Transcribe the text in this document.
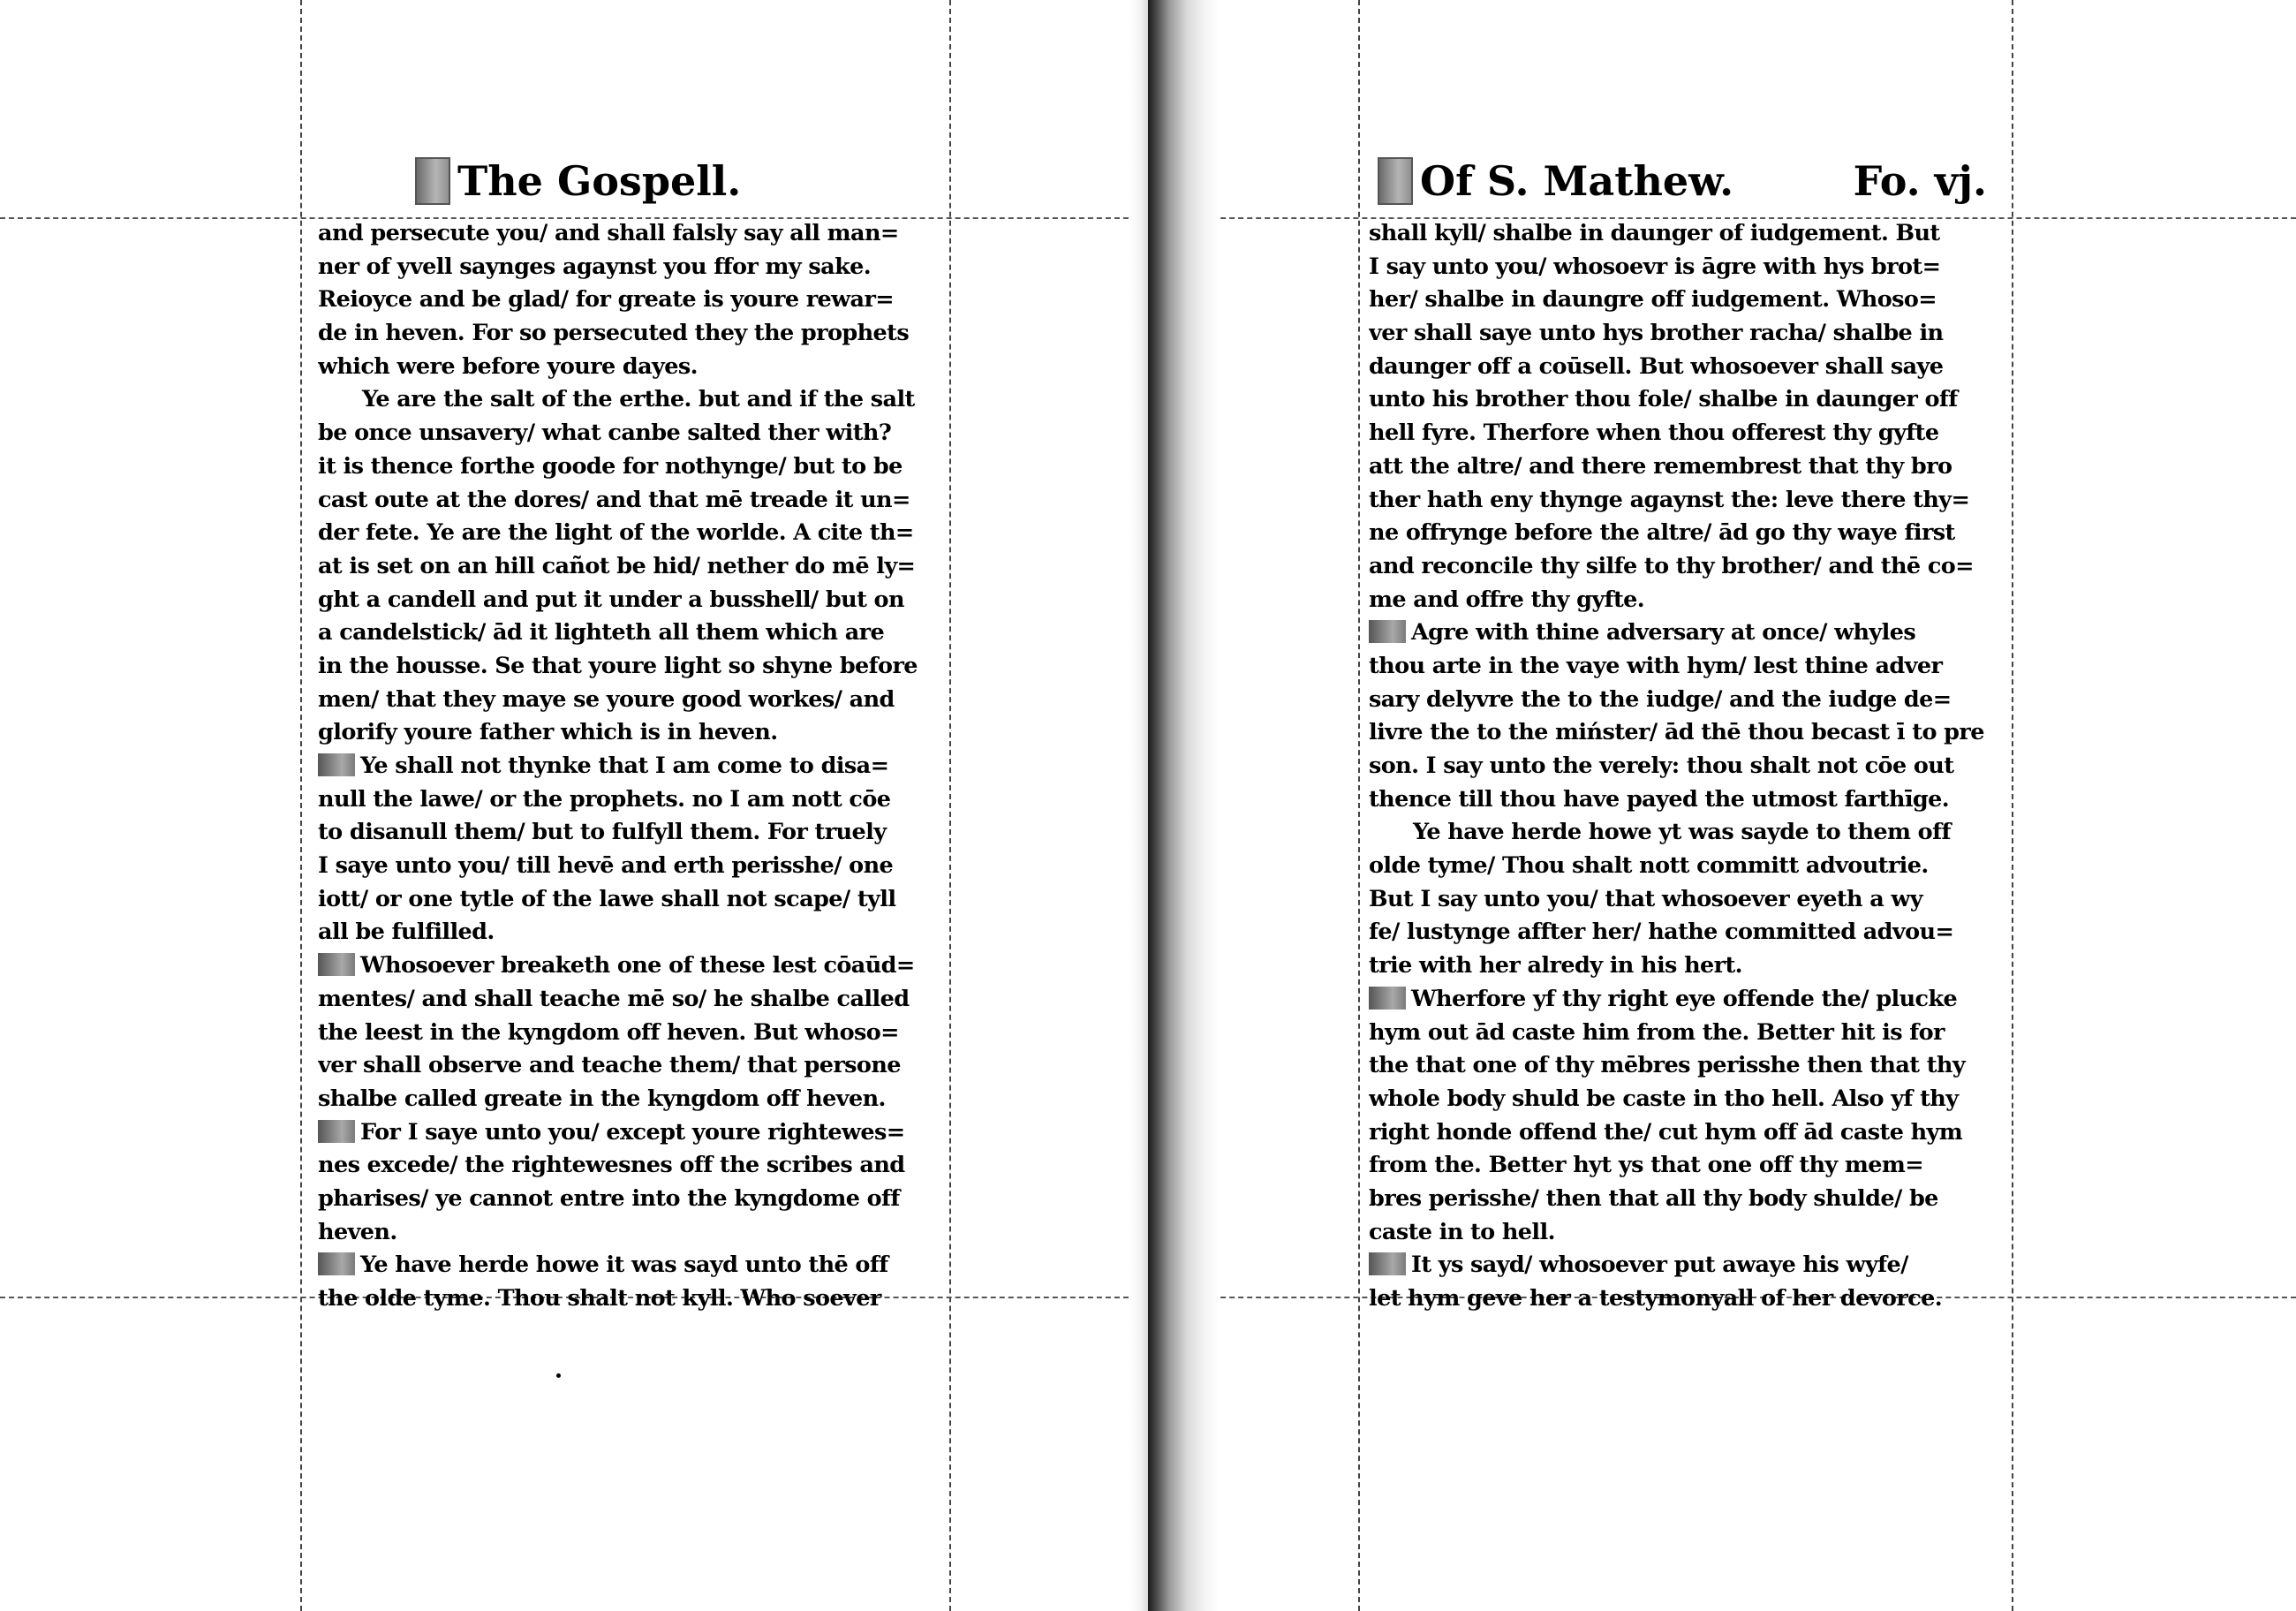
The Gospell.
and persecute you/ and shall falsly say all man=
ner of yvell saynges agaynst you ffor my sake.
Reioyce and be glad/ for greate is youre rewar=
de in heven. For so persecuted they the prophets
which were before youre dayes.
Ye are the salt of the erthe. but and if the salt
be once unsavery/ what canbe salted ther with?
it is thence forthe goode for nothynge/ but to be
cast oute at the dores/ and that mē treade it un=
der fete. Ye are the light of the worlde. A cite th=
at is set on an hill cañot be hid/ nether do mē ly=
ght a candell and put it under a busshell/ but on
a candelstick/ ād it lighteth all them which are
in the housse. Se that youre light so shyne before
men/ that they maye se youre good workes/ and
glorify youre father which is in heven.
Ye shall not thynke that I am come to disa=
null the lawe/ or the prophets. no I am nott cōe
to disanull them/ but to fulfyll them. For truely
I saye unto you/ till hevē and erth perisshe/ one
iott/ or one tytle of the lawe shall not scape/ tyll
all be fulfilled.
Whosoever breaketh one of these lest cōaūd=
mentes/ and shall teache mē so/ he shalbe called
the leest in the kyngdom off heven. But whoso=
ver shall observe and teache them/ that persone
shalbe called greate in the kyngdom off heven.
For I saye unto you/ except youre rightewes=
nes excede/ the rightewesnes off the scribes and
pharises/ ye cannot entre into the kyngdome off
heven.
Ye have herde howe it was sayd unto thē off
the olde tyme. Thou shalt not kyll. Who soever
Of S. Mathew.	Fo. vj.
shall kyll/ shalbe in daunger of iudgement. But
I say unto you/ whosoevr is āgre with hys brot=
her/ shalbe in daungre off iudgement. Whoso=
ver shall saye unto hys brother racha/ shalbe in
daunger off a coūsell. But whosoever shall saye
unto his brother thou fole/ shalbe in daunger off
hell fyre. Therfore when thou offerest thy gyfte
att the altre/ and there remembrest that thy bro
ther hath eny thynge agaynst the: leve there thy=
ne offrynge before the altre/ ād go thy waye first
and reconcile thy silfe to thy brother/ and thē co=
me and offre thy gyfte.
Agre with thine adversary at once/ whyles
thou arte in the vaye with hym/ lest thine adver
sary delyvre the to the iudge/ and the iudge de=
livre the to the mińster/ ād thē thou becast ī to pre
son. I say unto the verely: thou shalt not cōe out
thence till thou have payed the utmost farthīge.
Ye have herde howe yt was sayde to them off
olde tyme/ Thou shalt nott committ advoutrie.
But I say unto you/ that whosoever eyeth a wy
fe/ lustynge affter her/ hathe committed advou=
trie with her alredy in his hert.
Wherfore yf thy right eye offende the/ plucke
hym out ād caste him from the. Better hit is for
the that one of thy mēbres perisshe then that thy
whole body shuld be caste in tho hell. Also yf thy
right honde offend the/ cut hym off ād caste hym
from the. Better hyt ys that one off thy mem=
bres perisshe/ then that all thy body shulde/ be
caste in to hell.
It ys sayd/ whosoever put awaye his wyfe/
let hym geve her a testymonyall of her devorce.
